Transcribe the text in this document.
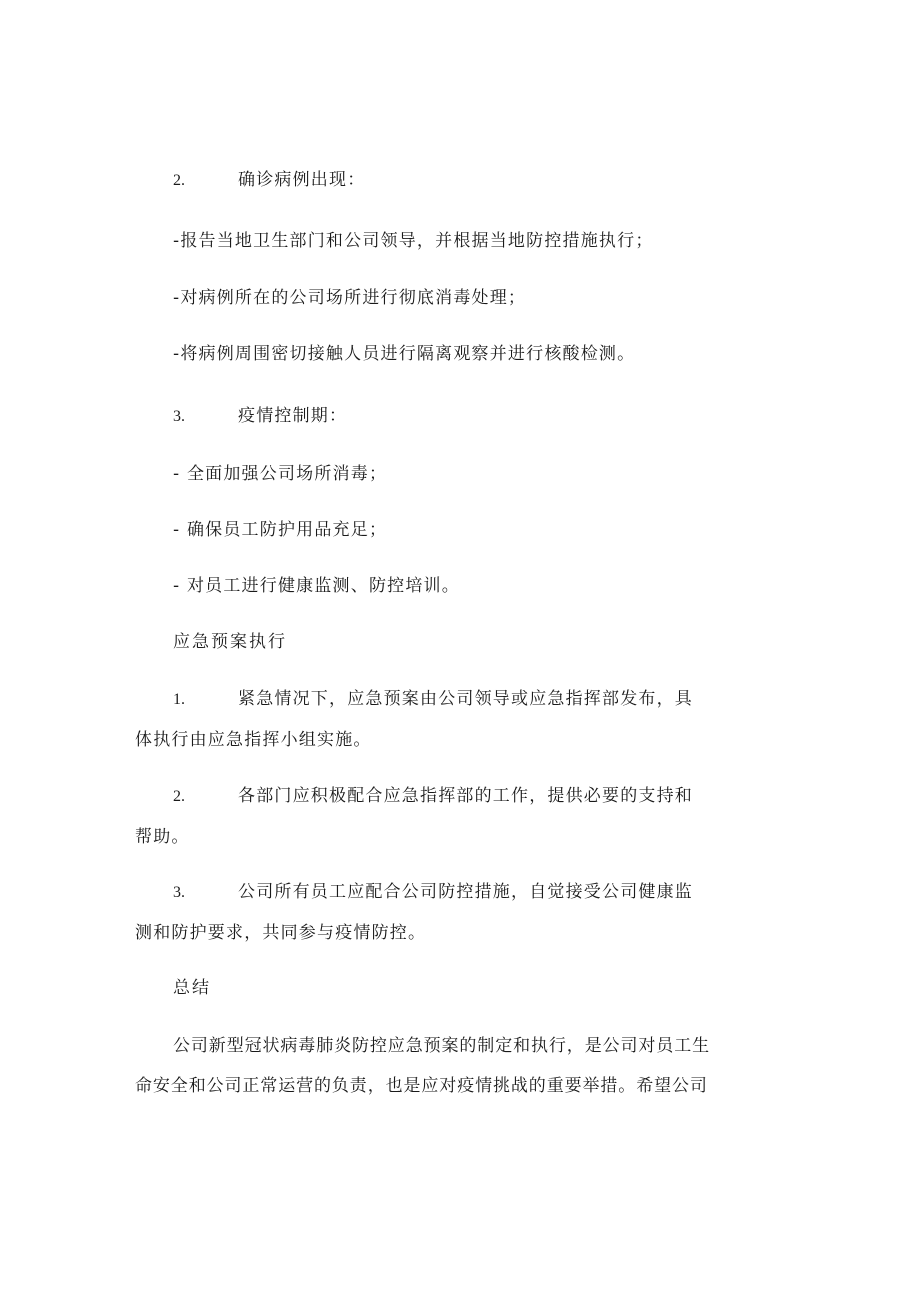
2.	确诊病例出现：
-报告当地卫生部门和公司领导，并根据当地防控措施执行；
-对病例所在的公司场所进行彻底消毒处理；
-将病例周围密切接触人员进行隔离观察并进行核酸检测。
3.	疫情控制期：
- 全面加强公司场所消毒；
- 确保员工防护用品充足；
- 对员工进行健康监测、防控培训。
应急预案执行
1.	紧急情况下，应急预案由公司领导或应急指挥部发布，具
体执行由应急指挥小组实施。
2.	各部门应积极配合应急指挥部的工作，提供必要的支持和
帮助。
3.	公司所有员工应配合公司防控措施，自觉接受公司健康监
测和防护要求，共同参与疫情防控。
总结
公司新型冠状病毒肺炎防控应急预案的制定和执行，是公司对员工生
命安全和公司正常运营的负责，也是应对疫情挑战的重要举措。希望公司
